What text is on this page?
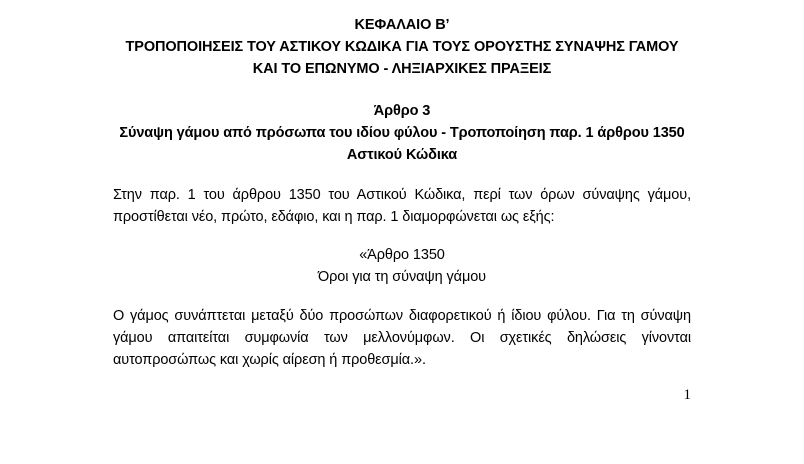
ΚΕΦΑΛΑΙΟ Β’
ΤΡΟΠΟΠΟΙΗΣΕΙΣ ΤΟΥ ΑΣΤΙΚΟΥ ΚΩΔΙΚΑ ΓΙΑ ΤΟΥΣ ΟΡΟΥΣΤΗΣ ΣΥΝΑΨΗΣ ΓΑΜΟΥ ΚΑΙ ΤΟ ΕΠΩΝΥΜΟ - ΛΗΞΙΑΡΧΙΚΕΣ ΠΡΑΞΕΙΣ
Άρθρο 3
Σύναψη γάμου από πρόσωπα του ιδίου φύλου - Τροποποίηση παρ. 1 άρθρου 1350 Αστικού Κώδικα

Στην παρ. 1 του άρθρου 1350 του Αστικού Κώδικα, περί των όρων σύναψης γάμου, προστίθεται νέο, πρώτο, εδάφιο, και η παρ. 1 διαμορφώνεται ως εξής:

«Άρθρο 1350
Όροι για τη σύναψη γάμου

Ο γάμος συνάπτεται μεταξύ δύο προσώπων διαφορετικού ή ίδιου φύλου. Για τη σύναψη γάμου απαιτείται συμφωνία των μελλονύμφων. Οι σχετικές δηλώσεις γίνονται αυτοπροσώπως και χωρίς αίρεση ή προθεσμία.».

1
